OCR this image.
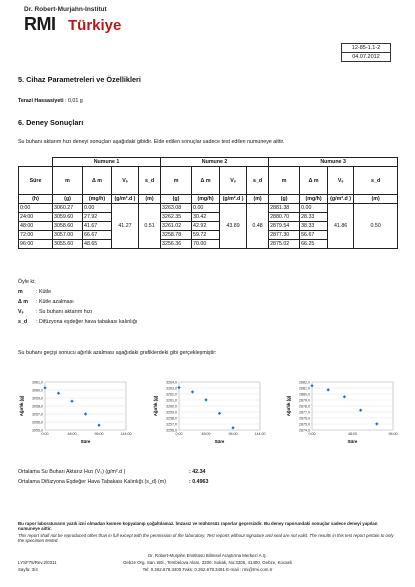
Dr. Robert-Murjahn-Institut
RMI Türkiye
12-85-1.1-2
04.07.2012
5. Cihaz Parametreleri ve Özellikleri
Terazi Hassasiyeti : 0,01 g
6. Deney Sonuçları
Su buhanı aktarım hızı deneyi sonuçları aşağıdaki gibidir. Elde edilen sonuçlar sadece test edilen numuneye aittir.
	Numune 1				Numune 2				Numune 3			
Süre	m	Δ m	Vₛ	s_d	m	Δ m	Vₛ	s_d	m	Δ m	Vₛ	s_d
(h)	(g)	(mg/h)	(g/m².d )	(m)	(g)	(mg/h)	(g/m².d )	(m)	(g)	(mg/h)	(g/m².d )	(m)
0:00	3060.27	0.00	41.27	0.51	3263.08	0.00	43.89	0.48	2881.38	0.00	41.86	0.50
24:00	3059.60	27.92			3262.35	30.42			2880.70	28.33		
48:00	3058.60	41.67			3261.02	42.92			2879.54	38.33		
72:00	3057.00	66.67			3258.78	59.72			2877.30	56.67		
96:00	3055.60	48.65			3256.36	70.00			2875.02	66.25		
Öyle ki;
m	: Kütle
Δ m : Kütle azalması
Vₛ : Su buhanı aktarım hızı
s_d : Difüzyona eşdeğer hava tabakası kalınlığı
Su buhanı geçişi sonucu ağırlık azalması aşağıdaki grafiklerdeki gibi gerçekleşmiştir:
3061,0
3060,0
3059,0
3058,0
3057,0
3056,0
3055,0
0:00	48:00	96:00	144:00
Süre
Ağırlık (g)
3264,0
3263,0
3262,0
3261,0
3260,0
3259,0
3258,0
3257,0
3256,0
0:00	48:00	96:00	144:00
Süre
Ağırlık (g)
2882,0
2881,0
2880,0
2879,0
2878,0
2877,0
2876,0
2875,0
2874,0
0:00	48:00	96:00
Süre
Ağırlık (g)
Ortalama Su Buharı Aktarız Hızı (Vₛ) (g/m².d )	: 42.34
Ortalama Difüzyona Eşdeğer Hava Tabakası Kalınlığı (s_d) (m)	: 0.4963
Bu rapor laboratuvarın yazılı izni olmadan kısmen kopyalanıp çoğaltılamaz. İmzasız ve mühürsüz raporlar geçersizdir. Bu deney raporundaki sonuçlar sadece deneyi yapılan numuneye aittir.
This report shall not be reproduced other than in full except with the permission of the laboratory. Test reports without signature and seal are not valid. The results in this test report pertain to only the specimen tested.
Dr. Robert-Murjahn Enstitüsü Bilimsel Araştırma Merkezi A.Ş.
LYSF75/Rev.2/0311	Gebze Org. San. Böl., Tembelova Alanı, 3200. Sokak, No:3206, 41400, Gebze, Kocaeli
Sayfa: 3/4	Tel: 0.262.678.3400 Faks: 0.262.678.3491 E-mail : rmi@rmi.com.tr
